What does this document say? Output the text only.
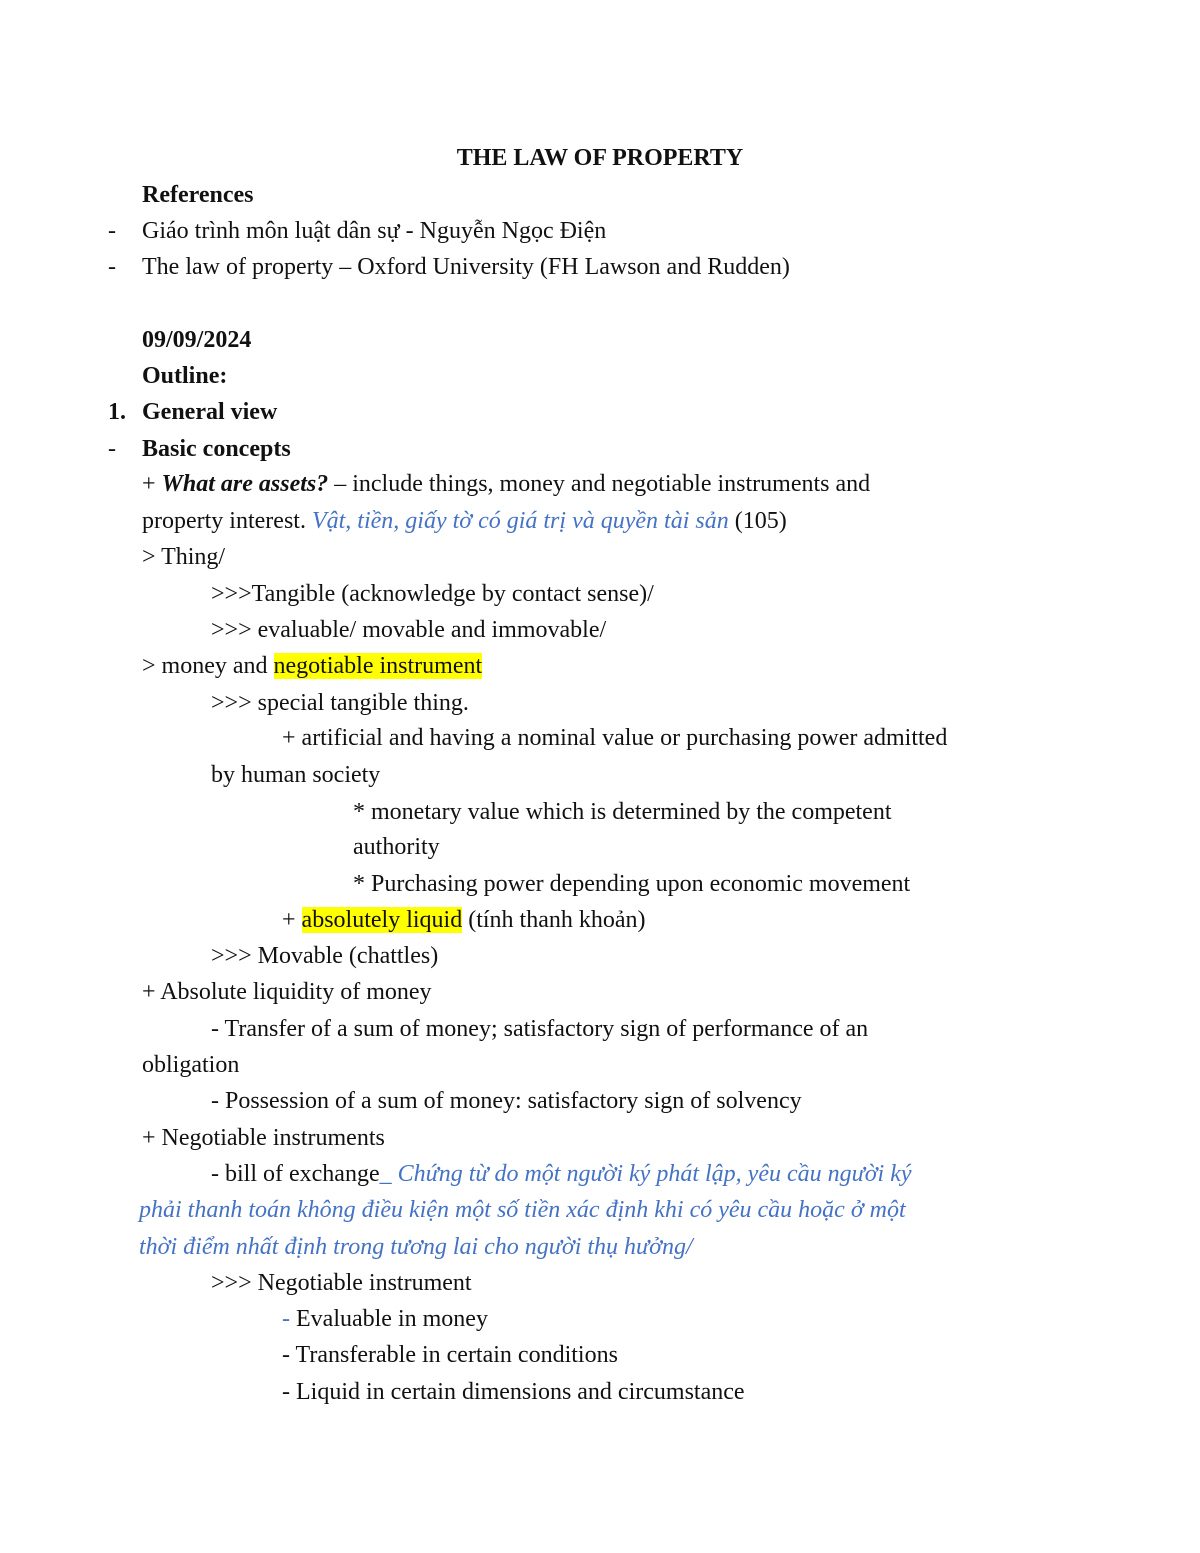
THE LAW OF PROPERTY
References
- Giáo trình môn luật dân sự - Nguyễn Ngọc Điện
- The law of property – Oxford University (FH Lawson and Rudden)
09/09/2024
Outline:
1. General view
- Basic concepts
+ What are assets? – include things, money and negotiable instruments and
property interest. Vật, tiền, giấy tờ có giá trị và quyền tài sản (105)
> Thing/
>>>Tangible (acknowledge by contact sense)/
>>> evaluable/ movable and immovable/
> money and negotiable instrument
>>> special tangible thing.
+ artificial and having a nominal value or purchasing power admitted
by human society
* monetary value which is determined by the competent
authority
* Purchasing power depending upon economic movement
+ absolutely liquid (tính thanh khoản)
>>> Movable (chattles)
+ Absolute liquidity of money
- Transfer of a sum of money; satisfactory sign of performance of an
obligation
- Possession of a sum of money: satisfactory sign of solvency
+ Negotiable instruments
- bill of exchange_ Chứng từ do một người ký phát lập, yêu cầu người ký
phải thanh toán không điều kiện một số tiền xác định khi có yêu cầu hoặc ở một
thời điểm nhất định trong tương lai cho người thụ hưởng/
>>> Negotiable instrument
- Evaluable in money
- Transferable in certain conditions
- Liquid in certain dimensions and circumstance
